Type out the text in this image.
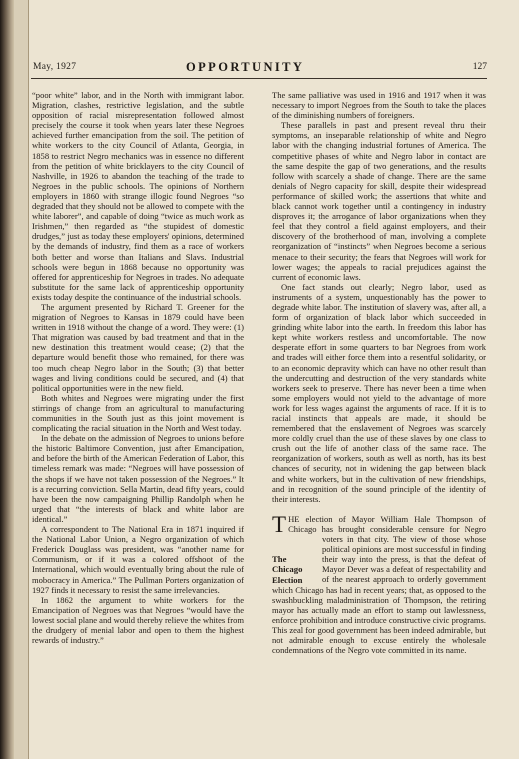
May, 1927	OPPORTUNITY	127

“poor white” labor, and in the North with immigrant labor. Migration, clashes, restrictive legislation, and the subtle opposition of racial misrepresentation followed almost precisely the course it took when years later these Negroes achieved further emancipation from the soil. The petition of white workers to the city Council of Atlanta, Georgia, in 1858 to restrict Negro mechanics was in essence no different from the petition of white bricklayers to the city Council of Nashville, in 1926 to abandon the teaching of the trade to Negroes in the public schools. The opinions of Northern employers in 1860 with strange illogic found Negroes “so degraded that they should not be allowed to compete with the white laborer”, and capable of doing “twice as much work as Irishmen,” then regarded as “the stupidest of domestic drudges,” just as today these employers' opinions, determined by the demands of industry, find them as a race of workers both better and worse than Italians and Slavs. Industrial schools were begun in 1868 because no opportunity was offered for apprenticeship for Negroes in trades. No adequate substitute for the same lack of apprenticeship opportunity exists today despite the continuance of the industrial schools.

The argument presented by Richard T. Greener for the migration of Negroes to Kansas in 1879 could have been written in 1918 without the change of a word. They were: (1) That migration was caused by bad treatment and that in the new destination this treatment would cease; (2) that the departure would benefit those who remained, for there was too much cheap Negro labor in the South; (3) that better wages and living conditions could be secured, and (4) that political opportunities were in the new field.

Both whites and Negroes were migrating under the first stirrings of change from an agricultural to manufacturing communities in the South just as this joint movement is complicating the racial situation in the North and West today.

In the debate on the admission of Negroes to unions before the historic Baltimore Convention, just after Emancipation, and before the birth of the American Federation of Labor, this timeless remark was made: “Negroes will have possession of the shops if we have not taken possession of the Negroes.” It is a recurring conviction. Sella Martin, dead fifty years, could have been the now campaigning Phillip Randolph when he urged that “the interests of black and white labor are identical.”

A correspondent to The National Era in 1871 inquired if the National Labor Union, a Negro organization of which Frederick Douglass was president, was “another name for Communism, or if it was a colored offshoot of the International, which would eventually bring about the rule of mobocracy in America.” The Pullman Porters organization of 1927 finds it necessary to resist the same irrelevancies.

In 1862 the argument to white workers for the Emancipation of Negroes was that Negroes “would have the lowest social plane and would thereby relieve the whites from the drudgery of menial labor and open to them the highest rewards of industry.”

The same palliative was used in 1916 and 1917 when it was necessary to import Negroes from the South to take the places of the diminishing numbers of foreigners.

These parallels in past and present reveal thru their symptoms, an inseparable relationship of white and Negro labor with the changing industrial fortunes of America. The competitive phases of white and Negro labor in contact are the same despite the gap of two generations, and the results follow with scarcely a shade of change. There are the same denials of Negro capacity for skill, despite their widespread performance of skilled work; the assertions that white and black cannot work together until a contingency in industry disproves it; the arrogance of labor organizations when they feel that they control a field against employers, and their discovery of the brotherhood of man, involving a complete reorganization of “instincts” when Negroes become a serious menace to their security; the fears that Negroes will work for lower wages; the appeals to racial prejudices against the current of economic laws.

One fact stands out clearly; Negro labor, used as instruments of a system, unquestionably has the power to degrade white labor. The institution of slavery was, after all, a form of organization of black labor which succeeded in grinding white labor into the earth. In freedom this labor has kept white workers restless and uncomfortable. The now desperate effort in some quarters to bar Negroes from work and trades will either force them into a resentful solidarity, or to an economic depravity which can have no other result than the undercutting and destruction of the very standards white workers seek to preserve. There has never been a time when some employers would not yield to the advantage of more work for less wages against the arguments of race. If it is to racial instincts that appeals are made, it should be remembered that the enslavement of Negroes was scarcely more coldly cruel than the use of these slaves by one class to crush out the life of another class of the same race. The reorganization of workers, south as well as north, has its best chances of security, not in widening the gap between black and white workers, but in the cultivation of new friendships, and in recognition of the sound principle of the identity of their interests.

The
Chicago
Election

THE election of Mayor William Hale Thompson of Chicago has brought considerable censure for Negro voters in that city. The view of those whose political opinions are most successful in finding their way into the press, is that the defeat of Mayor Dever was a defeat of respectability and of the nearest approach to orderly government which Chicago has had in recent years; that, as opposed to the swashbuckling maladministration of Thompson, the retiring mayor has actually made an effort to stamp out lawlessness, enforce prohibition and introduce constructive civic programs. This zeal for good government has been indeed admirable, but not admirable enough to excuse entirely the wholesale condemnations of the Negro vote committed in its name.
